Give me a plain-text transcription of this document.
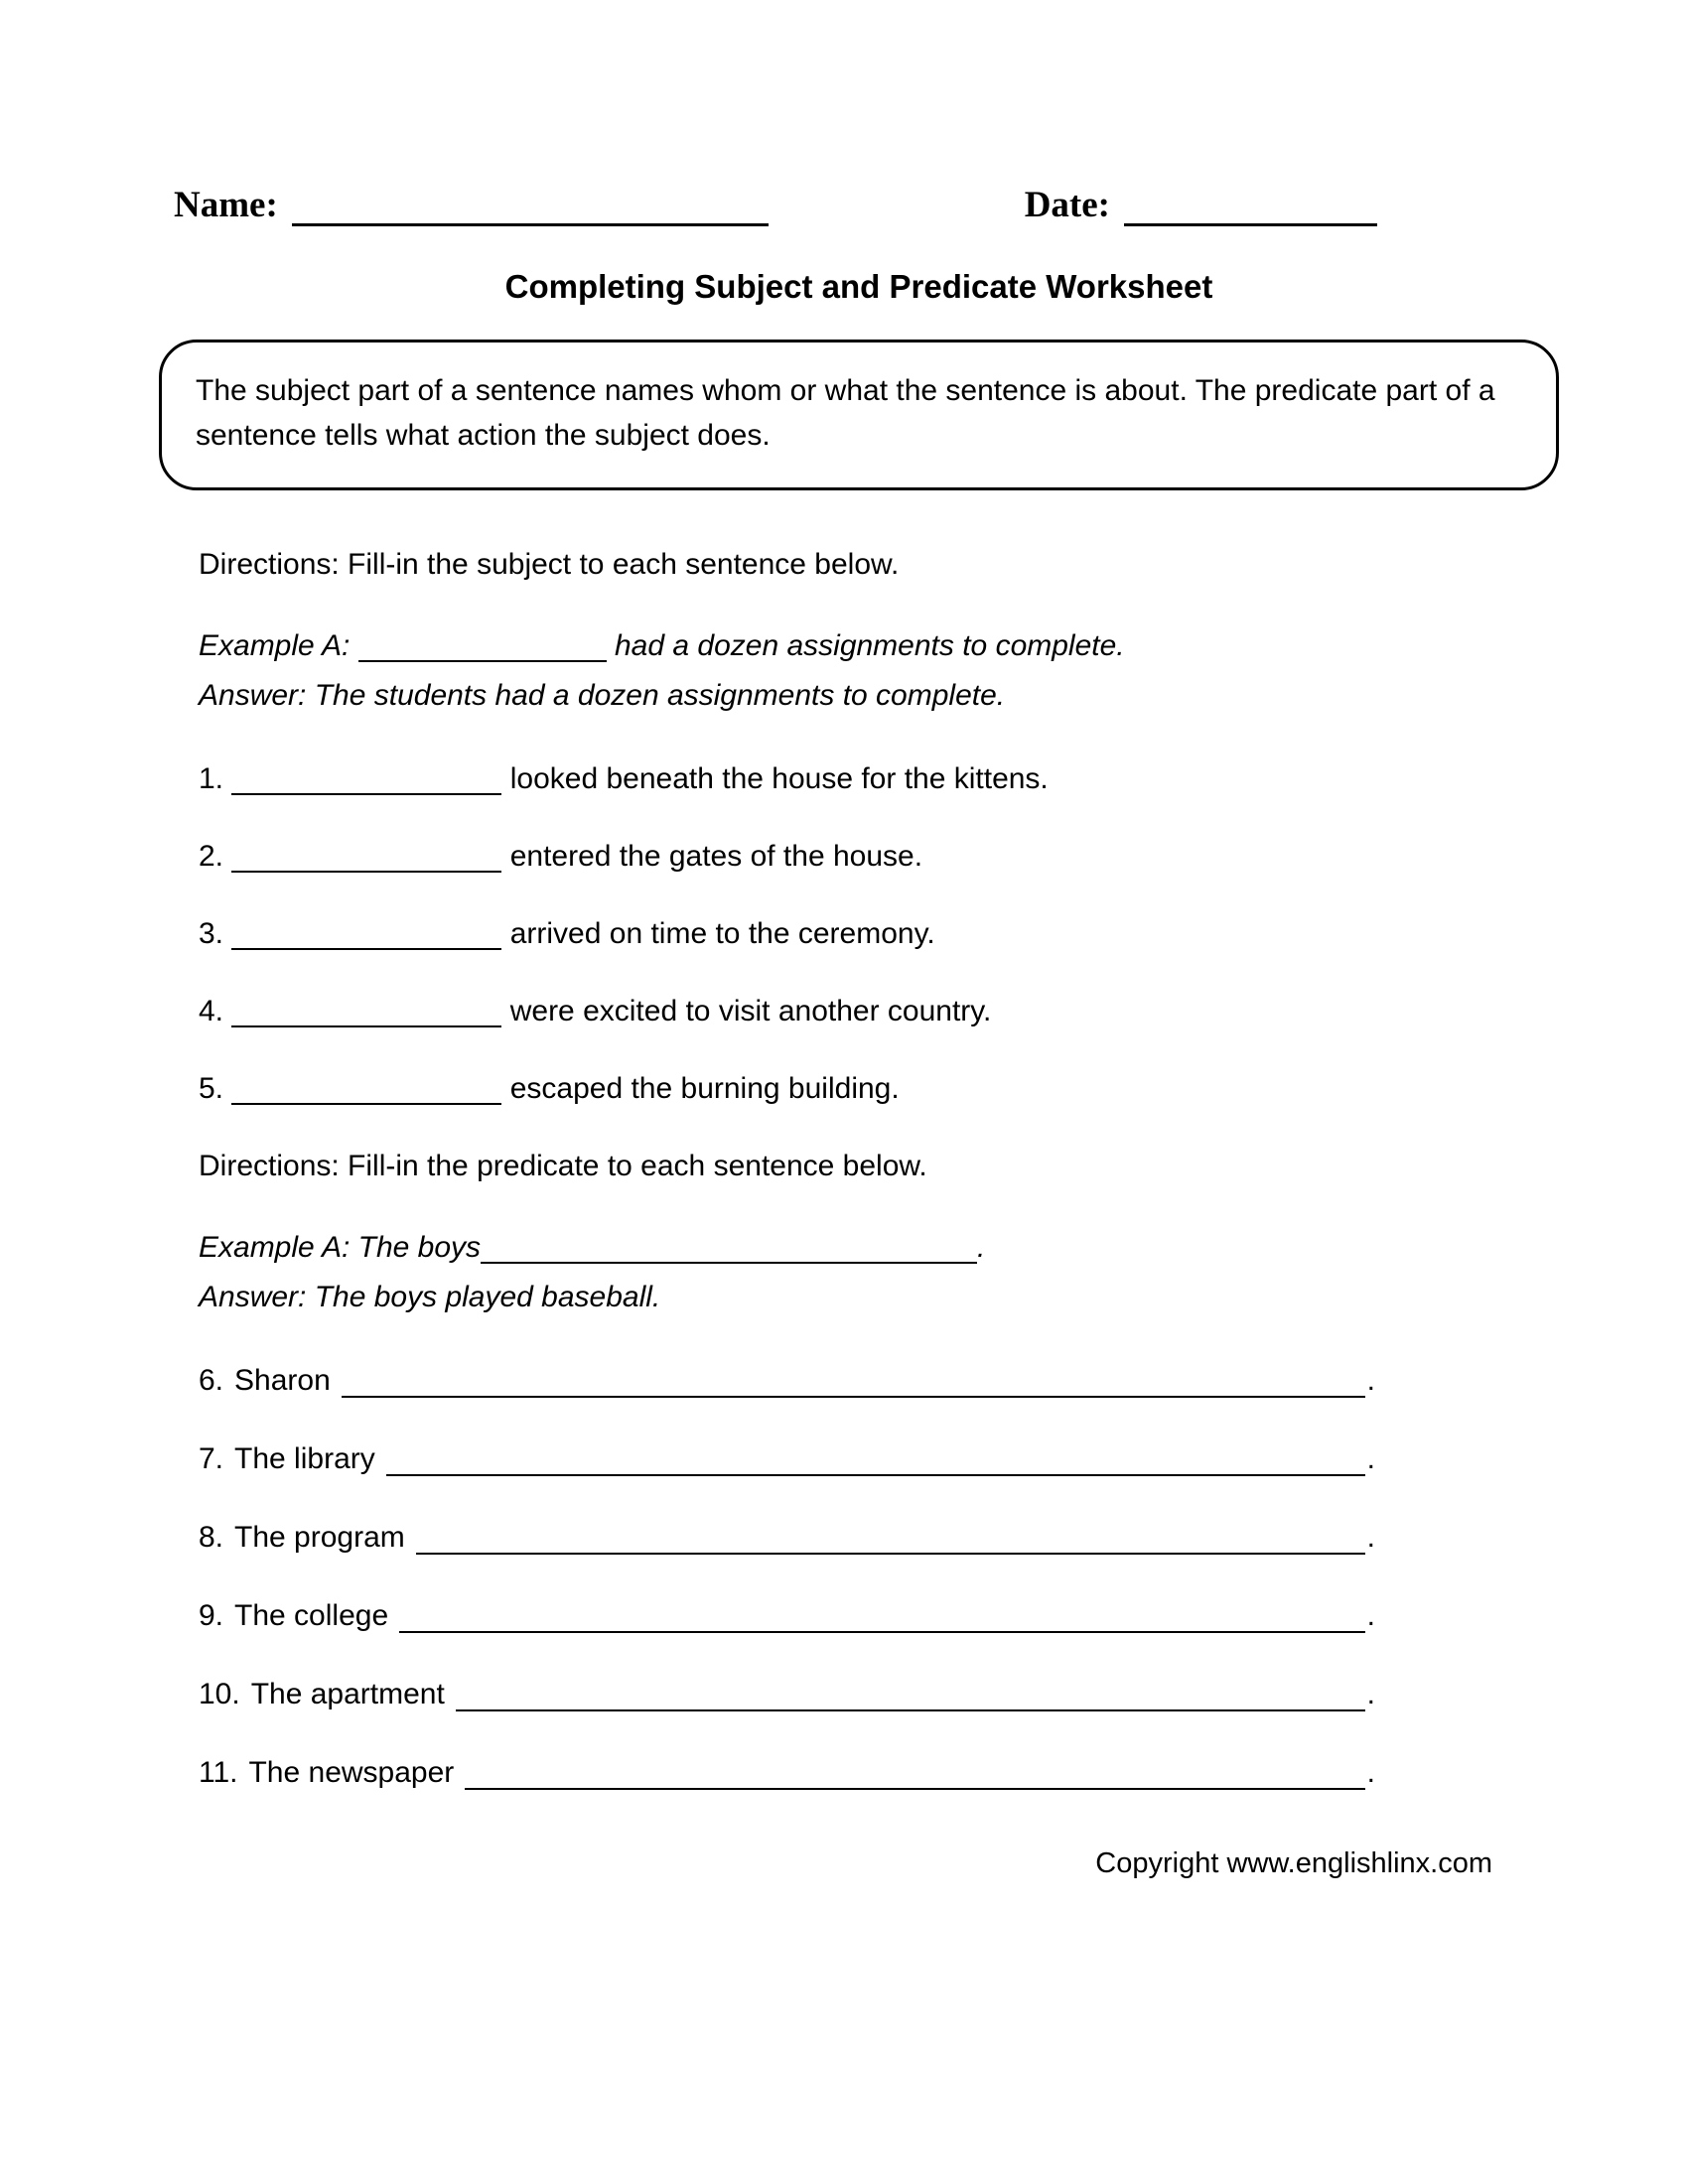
Name:	Date:
Completing Subject and Predicate Worksheet
The subject part of a sentence names whom or what the sentence is about. The predicate part of a sentence tells what action the subject does.
Directions: Fill-in the subject to each sentence below.
Example A:	had a dozen assignments to complete.
Answer: The students had a dozen assignments to complete.
1.	looked beneath the house for the kittens.
2.	entered the gates of the house.
3.	arrived on time to the ceremony.
4.	were excited to visit another country.
5.	escaped the burning building.
Directions: Fill-in the predicate to each sentence below.
Example A: The boys	.
Answer: The boys played baseball.
6. Sharon	.
7. The library	.
8. The program	.
9. The college	.
10. The apartment	.
11. The newspaper	.
Copyright www.englishlinx.com
